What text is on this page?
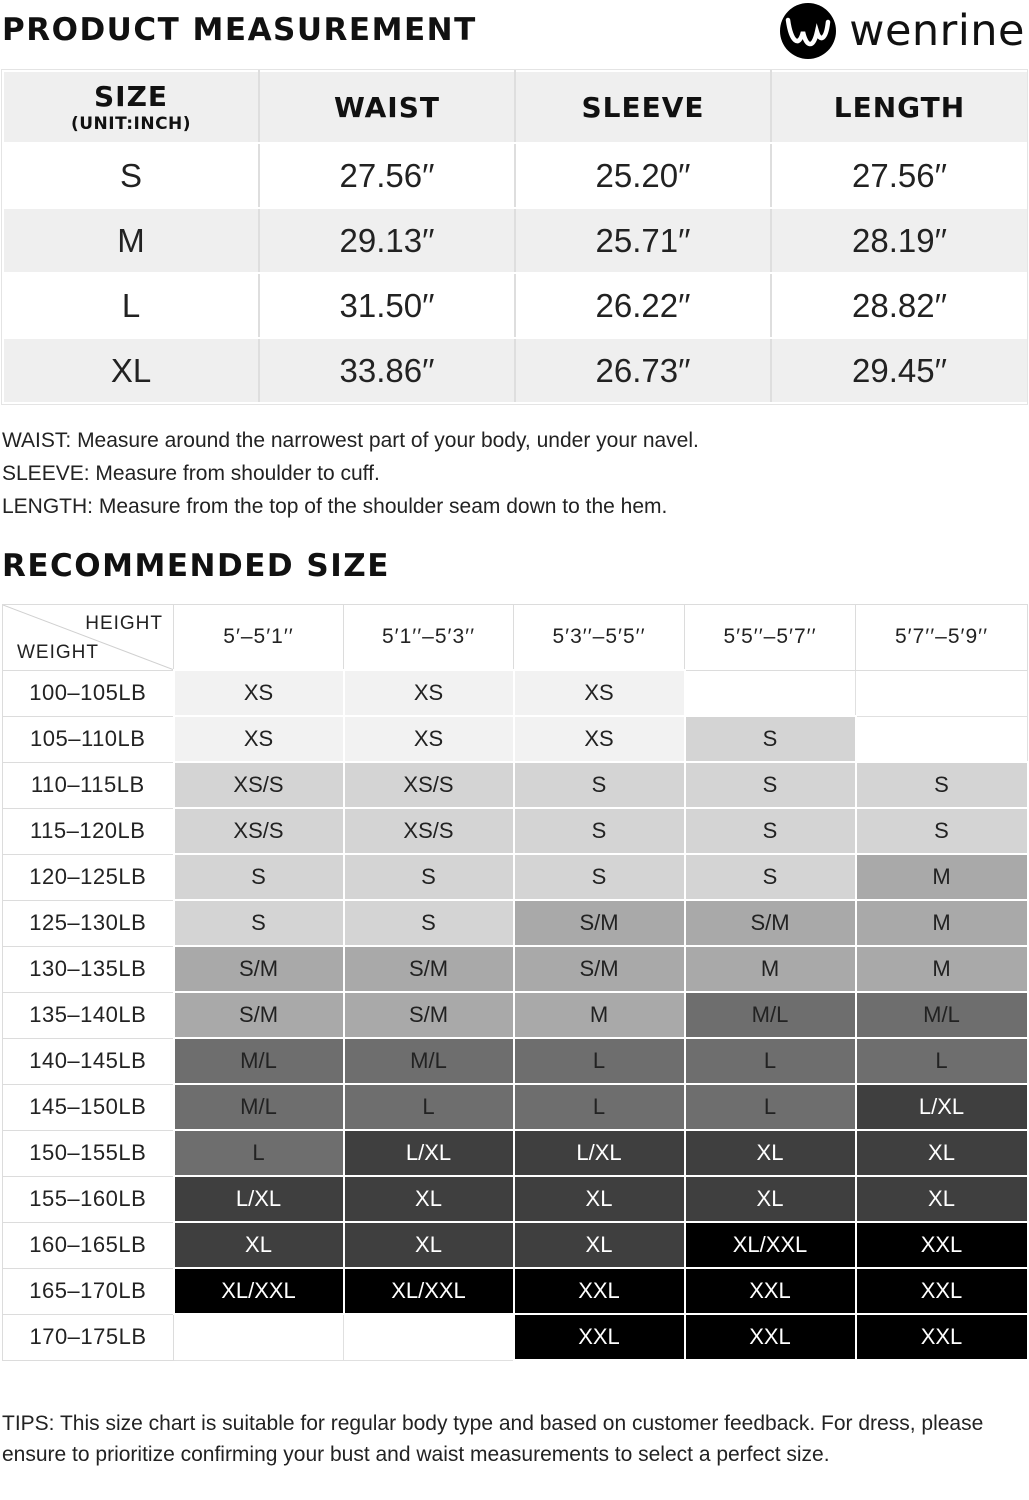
PRODUCT MEASUREMENT	wenrine
SIZE
(UNIT:INCH)	WAIST	SLEEVE	LENGTH
S	27.56′′	25.20′′	27.56′′
M	29.13′′	25.71′′	28.19′′
L	31.50′′	26.22′′	28.82′′
XL	33.86′′	26.73′′	29.45′′
WAIST: Measure around the narrowest part of your body, under your navel.
SLEEVE: Measure from shoulder to cuff.
LENGTH: Measure from the top of the shoulder seam down to the hem.
RECOMMENDED SIZE
HEIGHT
WEIGHT	5′–5′1′′	5′1′′–5′3′′	5′3′′–5′5′′	5′5′′–5′7′′	5′7′′–5′9′′
100–105LB	XS	XS	XS		
105–110LB	XS	XS	XS	S	
110–115LB	XS/S	XS/S	S	S	S
115–120LB	XS/S	XS/S	S	S	S
120–125LB	S	S	S	S	M
125–130LB	S	S	S/M	S/M	M
130–135LB	S/M	S/M	S/M	M	M
135–140LB	S/M	S/M	M	M/L	M/L
140–145LB	M/L	M/L	L	L	L
145–150LB	M/L	L	L	L	L/XL
150–155LB	L	L/XL	L/XL	XL	XL
155–160LB	L/XL	XL	XL	XL	XL
160–165LB	XL	XL	XL	XL/XXL	XXL
165–170LB	XL/XXL	XL/XXL	XXL	XXL	XXL
170–175LB			XXL	XXL	XXL
TIPS: This size chart is suitable for regular body type and based on customer feedback. For dress, please ensure to prioritize confirming your bust and waist measurements to select a perfect size.
